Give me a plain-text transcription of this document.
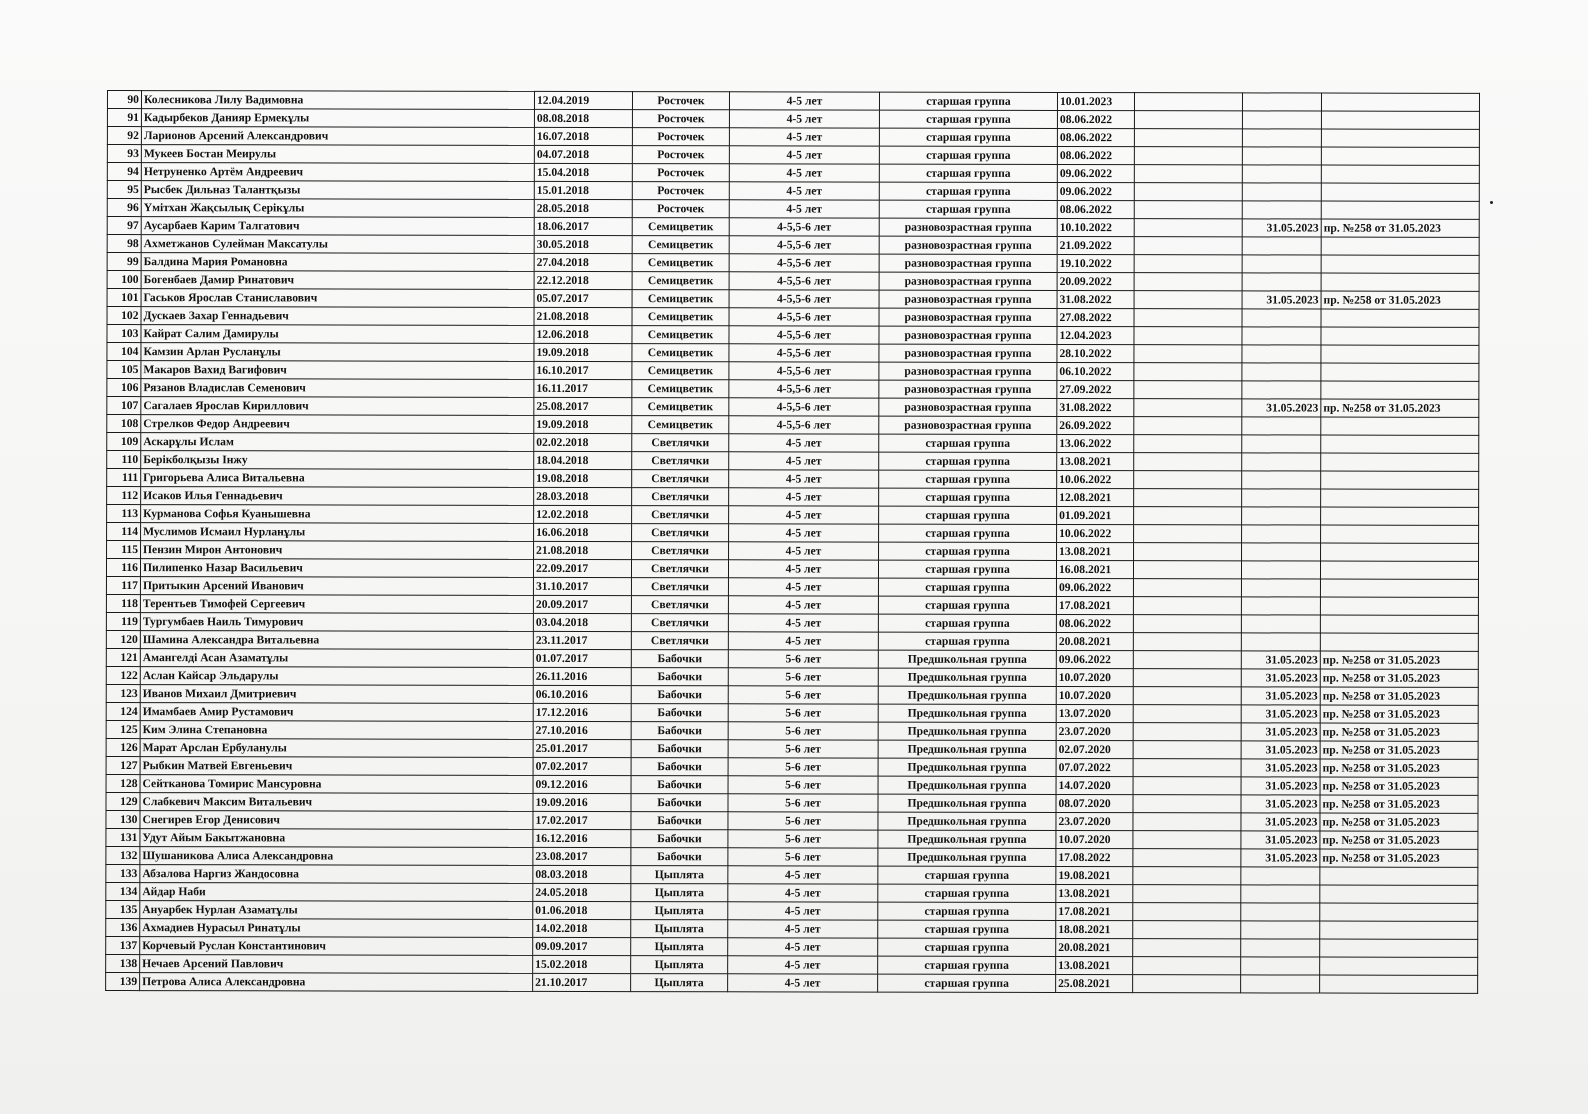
90	Колесникова Лилу Вадимовна	12.04.2019	Росточек	4-5 лет	старшая группа	10.01.2023			
91	Кадырбеков Данияр Ермекұлы	08.08.2018	Росточек	4-5 лет	старшая группа	08.06.2022			
92	Ларионов Арсений Александрович	16.07.2018	Росточек	4-5 лет	старшая группа	08.06.2022			
93	Мукеев Бостан Меирулы	04.07.2018	Росточек	4-5 лет	старшая группа	08.06.2022			
94	Нетруненко Артём Андреевич	15.04.2018	Росточек	4-5 лет	старшая группа	09.06.2022			
95	Рысбек Дильназ Талантқызы	15.01.2018	Росточек	4-5 лет	старшая группа	09.06.2022			
96	Үмітхан Жақсылық Серікұлы	28.05.2018	Росточек	4-5 лет	старшая группа	08.06.2022			
97	Аусарбаев Карим Талгатович	18.06.2017	Семицветик	4-5,5-6 лет	разновозрастная группа	10.10.2022		31.05.2023	пр. №258 от 31.05.2023
98	Ахметжанов Сулейман Максатулы	30.05.2018	Семицветик	4-5,5-6 лет	разновозрастная группа	21.09.2022			
99	Балдина Мария Романовна	27.04.2018	Семицветик	4-5,5-6 лет	разновозрастная группа	19.10.2022			
100	Богенбаев Дамир Ринатович	22.12.2018	Семицветик	4-5,5-6 лет	разновозрастная группа	20.09.2022			
101	Гаськов Ярослав Станиславович	05.07.2017	Семицветик	4-5,5-6 лет	разновозрастная группа	31.08.2022		31.05.2023	пр. №258 от 31.05.2023
102	Дускаев Захар Геннадьевич	21.08.2018	Семицветик	4-5,5-6 лет	разновозрастная группа	27.08.2022			
103	Кайрат Салим Дамирулы	12.06.2018	Семицветик	4-5,5-6 лет	разновозрастная группа	12.04.2023			
104	Камзин Арлан Русланұлы	19.09.2018	Семицветик	4-5,5-6 лет	разновозрастная группа	28.10.2022			
105	Макаров Вахид Вагифович	16.10.2017	Семицветик	4-5,5-6 лет	разновозрастная группа	06.10.2022			
106	Рязанов Владислав Семенович	16.11.2017	Семицветик	4-5,5-6 лет	разновозрастная группа	27.09.2022			
107	Сагалаев Ярослав Кириллович	25.08.2017	Семицветик	4-5,5-6 лет	разновозрастная группа	31.08.2022		31.05.2023	пр. №258 от 31.05.2023
108	Стрелков Федор Андреевич	19.09.2018	Семицветик	4-5,5-6 лет	разновозрастная группа	26.09.2022			
109	Аскарұлы Ислам	02.02.2018	Светлячки	4-5 лет	старшая группа	13.06.2022			
110	Берікболқызы Інжу	18.04.2018	Светлячки	4-5 лет	старшая группа	13.08.2021			
111	Григорьева Алиса Витальевна	19.08.2018	Светлячки	4-5 лет	старшая группа	10.06.2022			
112	Исаков Илья Геннадьевич	28.03.2018	Светлячки	4-5 лет	старшая группа	12.08.2021			
113	Курманова Софья Куанышевна	12.02.2018	Светлячки	4-5 лет	старшая группа	01.09.2021			
114	Муслимов Исмаил Нурланұлы	16.06.2018	Светлячки	4-5 лет	старшая группа	10.06.2022			
115	Пензин Мирон Антонович	21.08.2018	Светлячки	4-5 лет	старшая группа	13.08.2021			
116	Пилипенко Назар Васильевич	22.09.2017	Светлячки	4-5 лет	старшая группа	16.08.2021			
117	Притыкин Арсений Иванович	31.10.2017	Светлячки	4-5 лет	старшая группа	09.06.2022			
118	Терентьев Тимофей Сергеевич	20.09.2017	Светлячки	4-5 лет	старшая группа	17.08.2021			
119	Тургумбаев Наиль Тимурович	03.04.2018	Светлячки	4-5 лет	старшая группа	08.06.2022			
120	Шамина Александра Витальевна	23.11.2017	Светлячки	4-5 лет	старшая группа	20.08.2021			
121	Амангелді Асан Азаматұлы	01.07.2017	Бабочки	5-6 лет	Предшкольная группа	09.06.2022		31.05.2023	пр. №258 от 31.05.2023
122	Аслан Кайсар Эльдарулы	26.11.2016	Бабочки	5-6 лет	Предшкольная группа	10.07.2020		31.05.2023	пр. №258 от 31.05.2023
123	Иванов Михаил Дмитриевич	06.10.2016	Бабочки	5-6 лет	Предшкольная группа	10.07.2020		31.05.2023	пр. №258 от 31.05.2023
124	Имамбаев Амир Рустамович	17.12.2016	Бабочки	5-6 лет	Предшкольная группа	13.07.2020		31.05.2023	пр. №258 от 31.05.2023
125	Ким Элина Степановна	27.10.2016	Бабочки	5-6 лет	Предшкольная группа	23.07.2020		31.05.2023	пр. №258 от 31.05.2023
126	Марат Арслан Ербуланулы	25.01.2017	Бабочки	5-6 лет	Предшкольная группа	02.07.2020		31.05.2023	пр. №258 от 31.05.2023
127	Рыбкин Матвей Евгеньевич	07.02.2017	Бабочки	5-6 лет	Предшкольная группа	07.07.2022		31.05.2023	пр. №258 от 31.05.2023
128	Сейтканова Томирис Мансуровна	09.12.2016	Бабочки	5-6 лет	Предшкольная группа	14.07.2020		31.05.2023	пр. №258 от 31.05.2023
129	Слабкевич Максим Витальевич	19.09.2016	Бабочки	5-6 лет	Предшкольная группа	08.07.2020		31.05.2023	пр. №258 от 31.05.2023
130	Снегирев Егор Денисович	17.02.2017	Бабочки	5-6 лет	Предшкольная группа	23.07.2020		31.05.2023	пр. №258 от 31.05.2023
131	Удут Айым Бакытжановна	16.12.2016	Бабочки	5-6 лет	Предшкольная группа	10.07.2020		31.05.2023	пр. №258 от 31.05.2023
132	Шушаникова Алиса Александровна	23.08.2017	Бабочки	5-6 лет	Предшкольная группа	17.08.2022		31.05.2023	пр. №258 от 31.05.2023
133	Абзалова Наргиз Жандосовна	08.03.2018	Цыплята	4-5 лет	старшая группа	19.08.2021			
134	Айдар Наби	24.05.2018	Цыплята	4-5 лет	старшая группа	13.08.2021			
135	Ануарбек Нурлан Азаматұлы	01.06.2018	Цыплята	4-5 лет	старшая группа	17.08.2021			
136	Ахмадиев Нурасыл Ринатұлы	14.02.2018	Цыплята	4-5 лет	старшая группа	18.08.2021			
137	Корчевый Руслан Константинович	09.09.2017	Цыплята	4-5 лет	старшая группа	20.08.2021			
138	Нечаев Арсений Павлович	15.02.2018	Цыплята	4-5 лет	старшая группа	13.08.2021			
139	Петрова Алиса Александровна	21.10.2017	Цыплята	4-5 лет	старшая группа	25.08.2021			
